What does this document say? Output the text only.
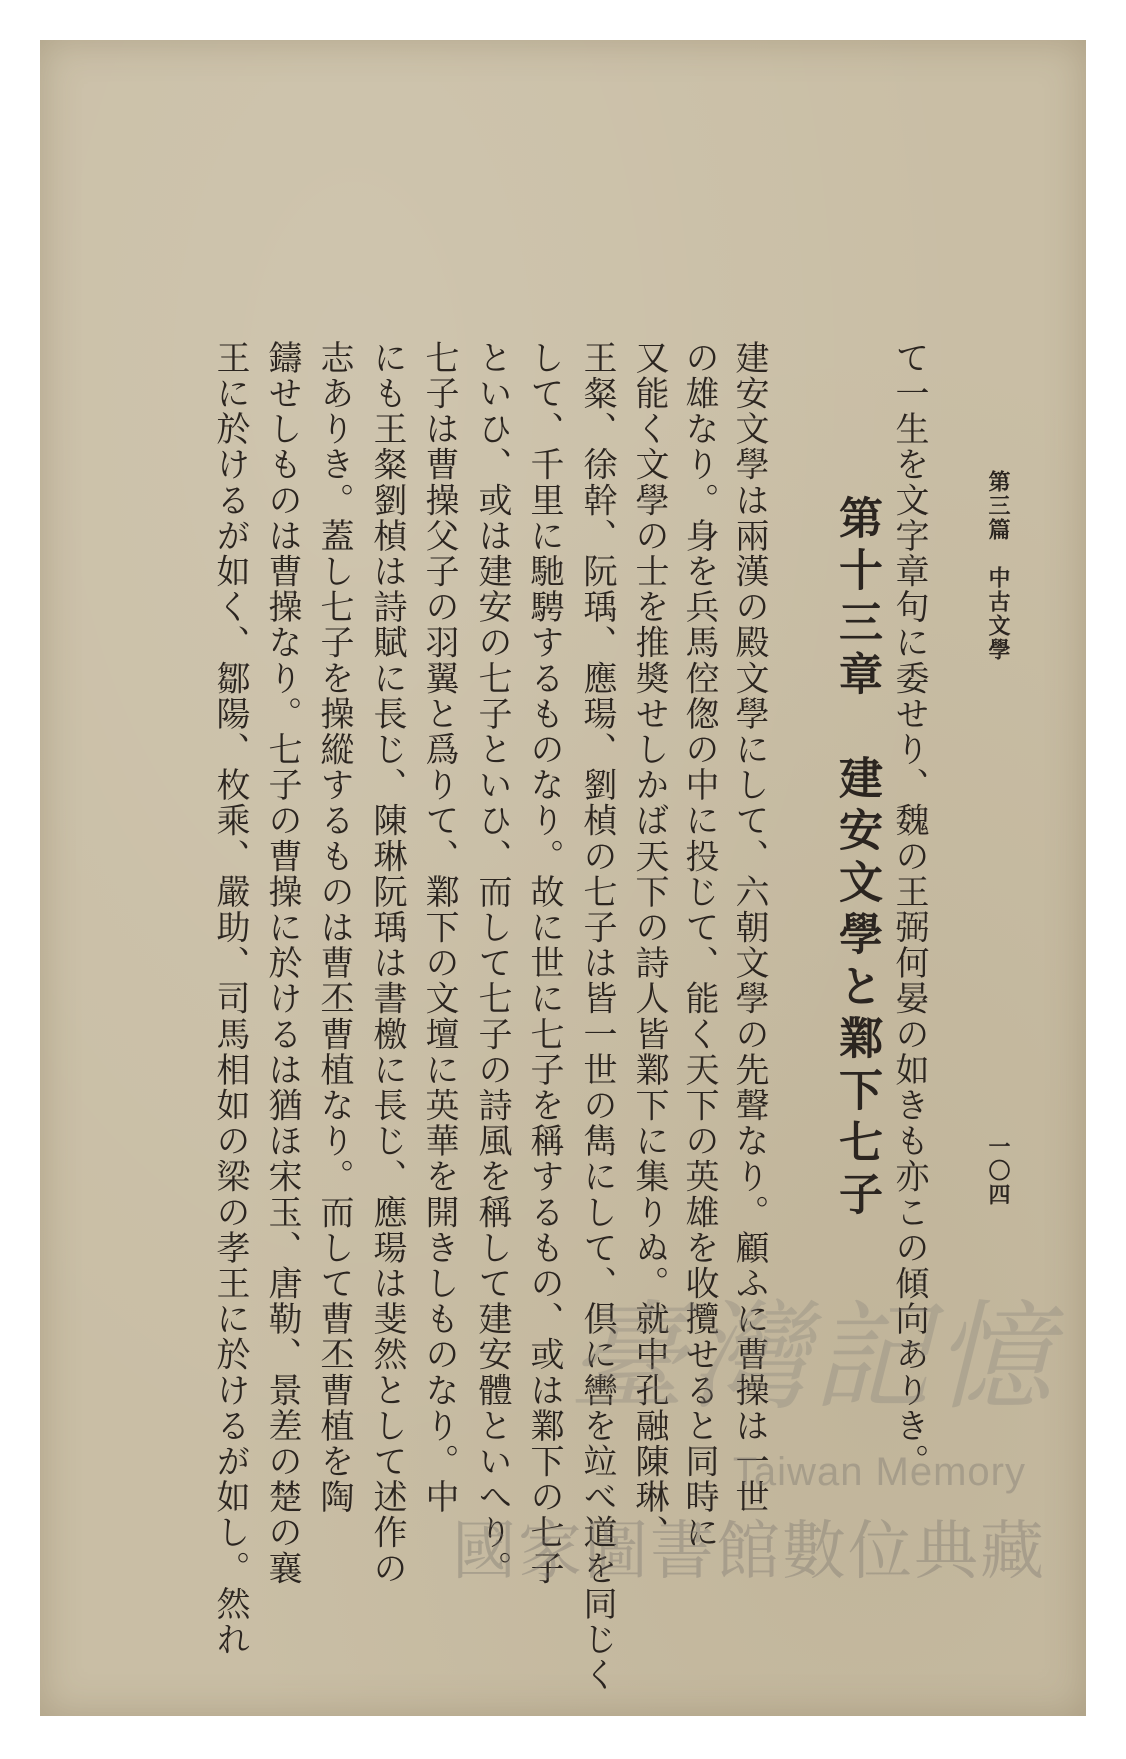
第三篇　中古文學
一〇四
て一生を文字章句に委せり、魏の王弼何晏の如きも亦この傾向ありき。
第十三章　建安文學と鄴下七子
建安文學は兩漢の殿文學にして、六朝文學の先聲なり。顧ふに曹操は一世
の雄なり。身を兵馬倥偬の中に投じて、能く天下の英雄を收攬せると同時に
又能く文學の士を推奬せしかば天下の詩人皆鄴下に集りぬ。就中孔融陳琳、
王粲、徐幹、阮瑀、應瑒、劉楨の七子は皆一世の雋にして、倶に轡を竝べ道を同じく
して、千里に馳騁するものなり。故に世に七子を稱するもの、或は鄴下の七子
といひ、或は建安の七子といひ、而して七子の詩風を稱して建安體といへり。
七子は曹操父子の羽翼と爲りて、鄴下の文壇に英華を開きしものなり。中
にも王粲劉楨は詩賦に長じ、陳琳阮瑀は書檄に長じ、應瑒は斐然として述作の
志ありき。蓋し七子を操縱するものは曹丕曹植なり。而して曹丕曹植を陶
鑄せしものは曹操なり。七子の曹操に於けるは猶ほ宋玉、唐勒、景差の楚の襄
王に於けるが如く、鄒陽、枚乘、嚴助、司馬相如の梁の孝王に於けるが如し。然れ	臺灣記憶
Taiwan Memory
國家圖書館數位典藏
